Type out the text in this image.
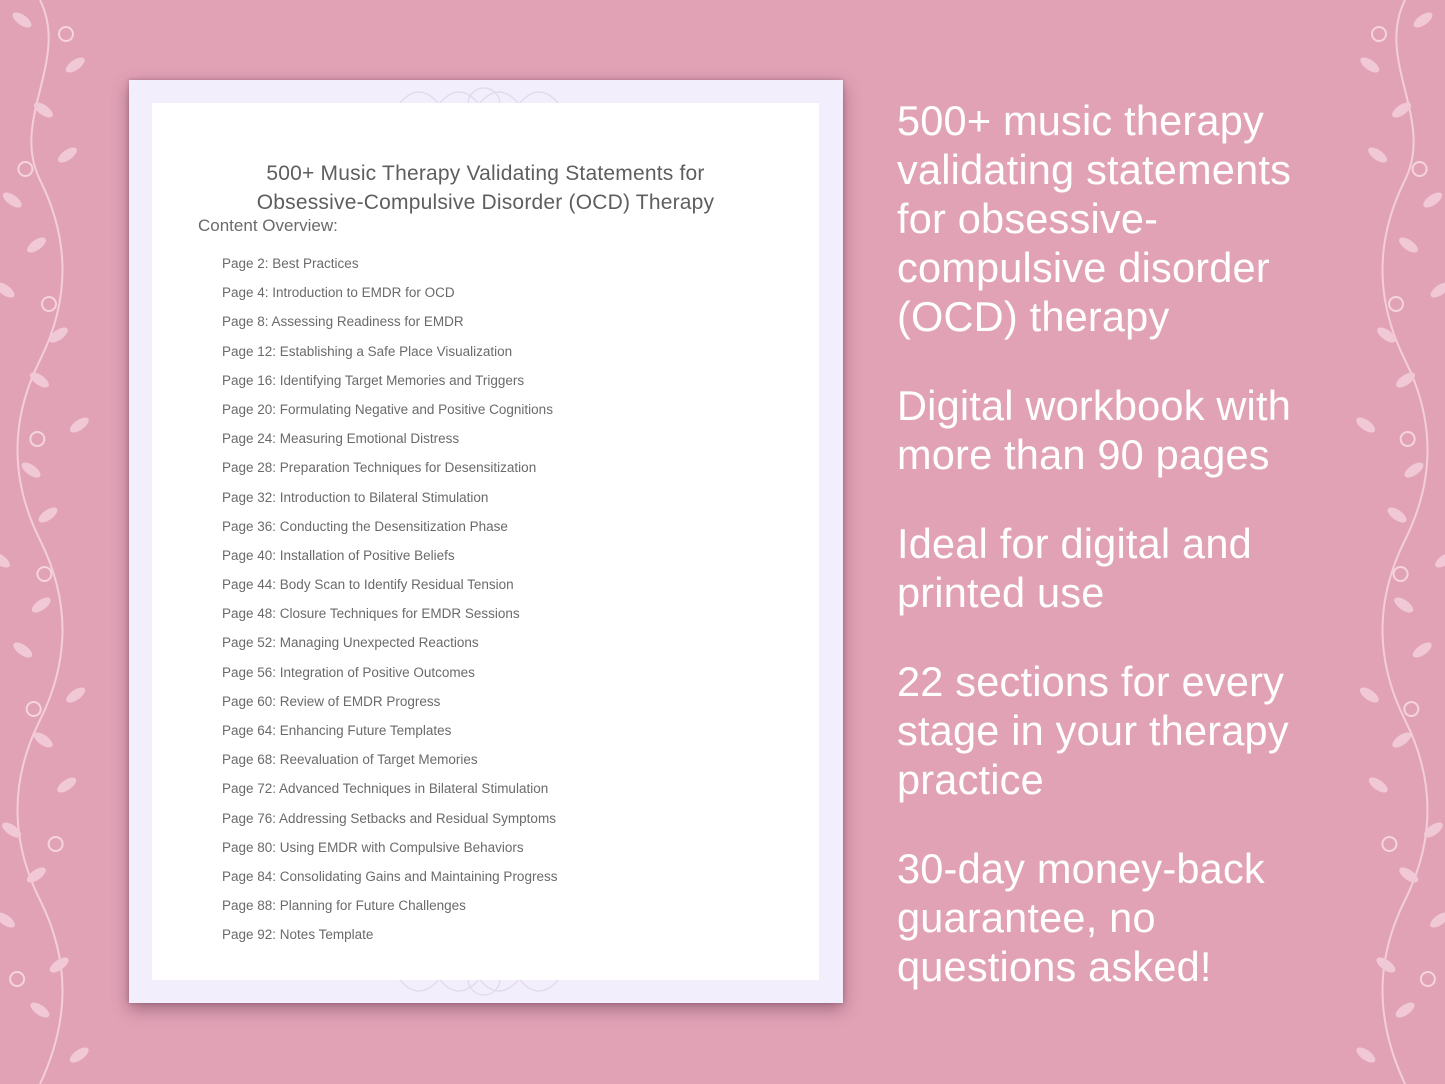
500+ Music Therapy Validating Statements for
Obsessive-Compulsive Disorder (OCD) Therapy
Content Overview:
Page 2: Best Practices
Page 4: Introduction to EMDR for OCD
Page 8: Assessing Readiness for EMDR
Page 12: Establishing a Safe Place Visualization
Page 16: Identifying Target Memories and Triggers
Page 20: Formulating Negative and Positive Cognitions
Page 24: Measuring Emotional Distress
Page 28: Preparation Techniques for Desensitization
Page 32: Introduction to Bilateral Stimulation
Page 36: Conducting the Desensitization Phase
Page 40: Installation of Positive Beliefs
Page 44: Body Scan to Identify Residual Tension
Page 48: Closure Techniques for EMDR Sessions
Page 52: Managing Unexpected Reactions
Page 56: Integration of Positive Outcomes
Page 60: Review of EMDR Progress
Page 64: Enhancing Future Templates
Page 68: Reevaluation of Target Memories
Page 72: Advanced Techniques in Bilateral Stimulation
Page 76: Addressing Setbacks and Residual Symptoms
Page 80: Using EMDR with Compulsive Behaviors
Page 84: Consolidating Gains and Maintaining Progress
Page 88: Planning for Future Challenges
Page 92: Notes Template
500+ music therapy
validating statements
for obsessive-
compulsive disorder
(OCD) therapy
Digital workbook with
more than 90 pages
Ideal for digital and
printed use
22 sections for every
stage in your therapy
practice
30-day money-back
guarantee, no
questions asked!
